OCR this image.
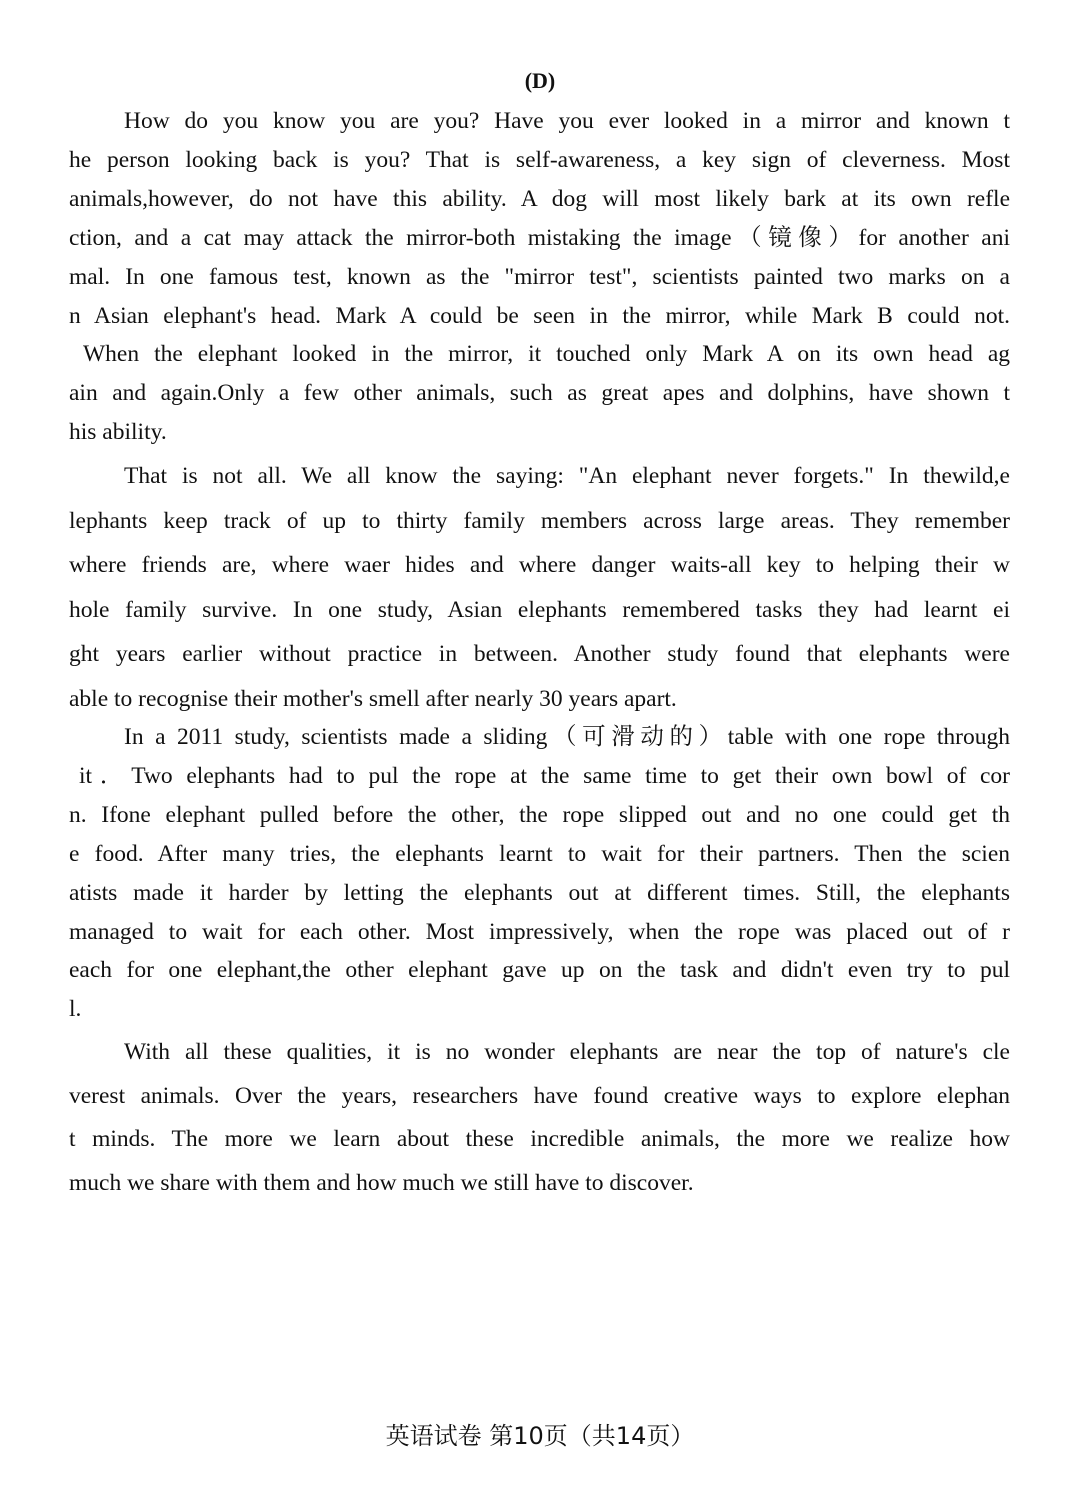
(D)
How do you know you are you? Have you ever looked in a mirror and known t
he person looking back is you? That is self-awareness, a key sign of cleverness. Most
animals,however, do not have this ability. A dog will most likely bark at its own refle
ction, and a cat may attack the mirror-both mistaking the image（镜像）for another ani
mal. In one famous test, known as the "mirror test", scientists painted two marks on a
n Asian elephant's head. Mark A could be seen in the mirror, while Mark B could not.
When the elephant looked in the mirror, it touched only Mark A on its own head ag
ain and again.Only a few other animals, such as great apes and dolphins, have shown t
his ability.
That is not all. We all know the saying: "An elephant never forgets." In thewild,e
lephants keep track of up to thirty family members across large areas. They remember
where friends are, where waer hides and where danger waits-all key to helping their w
hole family survive. In one study, Asian elephants remembered tasks they had learnt ei
ght years earlier without practice in between. Another study found that elephants were
able to recognise their mother's smell after nearly 30 years apart.
In a 2011 study, scientists made a sliding（可滑动的）table with one rope through
it．Two elephants had to pul the rope at the same time to get their own bowl of cor
n. Ifone elephant pulled before the other, the rope slipped out and no one could get th
e food. After many tries, the elephants learnt to wait for their partners. Then the scien
atists made it harder by letting the elephants out at different times. Still, the elephants
managed to wait for each other. Most impressively, when the rope was placed out of r
each for one elephant,the other elephant gave up on the task and didn't even try to pul
l.
With all these qualities, it is no wonder elephants are near the top of nature's cle
verest animals. Over the years, researchers have found creative ways to explore elephan
t minds. The more we learn about these incredible animals, the more we realize how
much we share with them and how much we still have to discover.
英语试卷 第10页（共14页）
